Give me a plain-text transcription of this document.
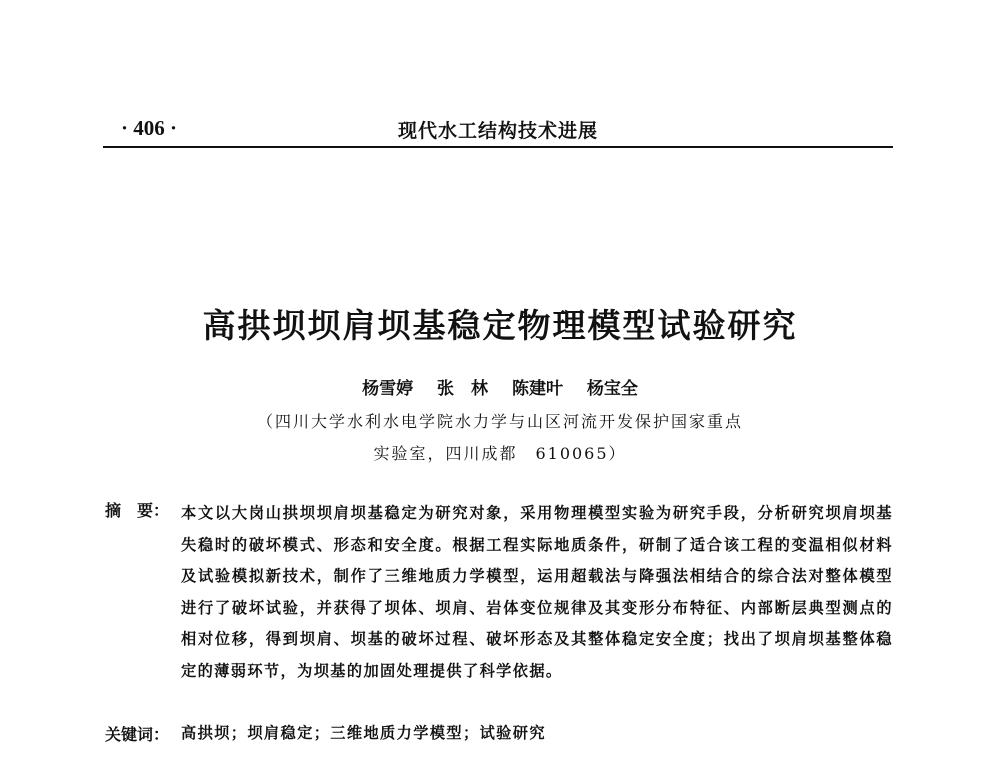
· 406 ·	现代水工结构技术进展
高拱坝坝肩坝基稳定物理模型试验研究
杨雪婷 张　林 陈建叶 杨宝全
（四川大学水利水电学院水力学与山区河流开发保护国家重点
实验室，四川成都　610065）
摘　要： 本文以大岗山拱坝坝肩坝基稳定为研究对象，采用物理模型实验为研究手段，分析研究坝肩坝基失稳时的破坏模式、形态和安全度。根据工程实际地质条件，研制了适合该工程的变温相似材料及试验模拟新技术，制作了三维地质力学模型，运用超载法与降强法相结合的综合法对整体模型进行了破坏试验，并获得了坝体、坝肩、岩体变位规律及其变形分布特征、内部断层典型测点的相对位移，得到坝肩、坝基的破坏过程、破坏形态及其整体稳定安全度；找出了坝肩坝基整体稳定的薄弱环节，为坝基的加固处理提供了科学依据。
关键词： 高拱坝；坝肩稳定；三维地质力学模型；试验研究
